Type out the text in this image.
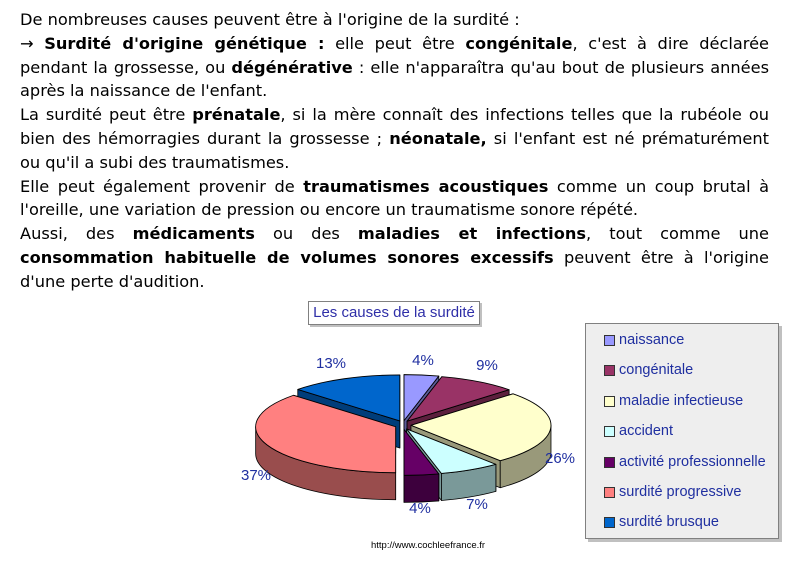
De nombreuses causes peuvent être à l'origine de la surdité :

→ Surdité d'origine génétique : elle peut être congénitale, c'est à dire déclarée pendant la grossesse, ou dégénérative : elle n'apparaîtra qu'au bout de plusieurs années après la naissance de l'enfant.

La surdité peut être prénatale, si la mère connaît des infections telles que la rubéole ou bien des hémorragies durant la grossesse ; néonatale, si l'enfant est né prématurément ou qu'il a subi des traumatismes.

Elle peut également provenir de traumatismes acoustiques comme un coup brutal à l'oreille, une variation de pression ou encore un traumatisme sonore répété.

Aussi, des médicaments ou des maladies et infections, tout comme une consommation habituelle de volumes sonores excessifs peuvent être à l'origine d'une perte d'audition.

4%	9%
26%
7%
4%
37%
13%
Les causes de la surdité
naissance
congénitale
maladie infectieuse
accident
activité professionnelle
surdité progressive
surdité brusque
http://www.cochleefrance.fr
